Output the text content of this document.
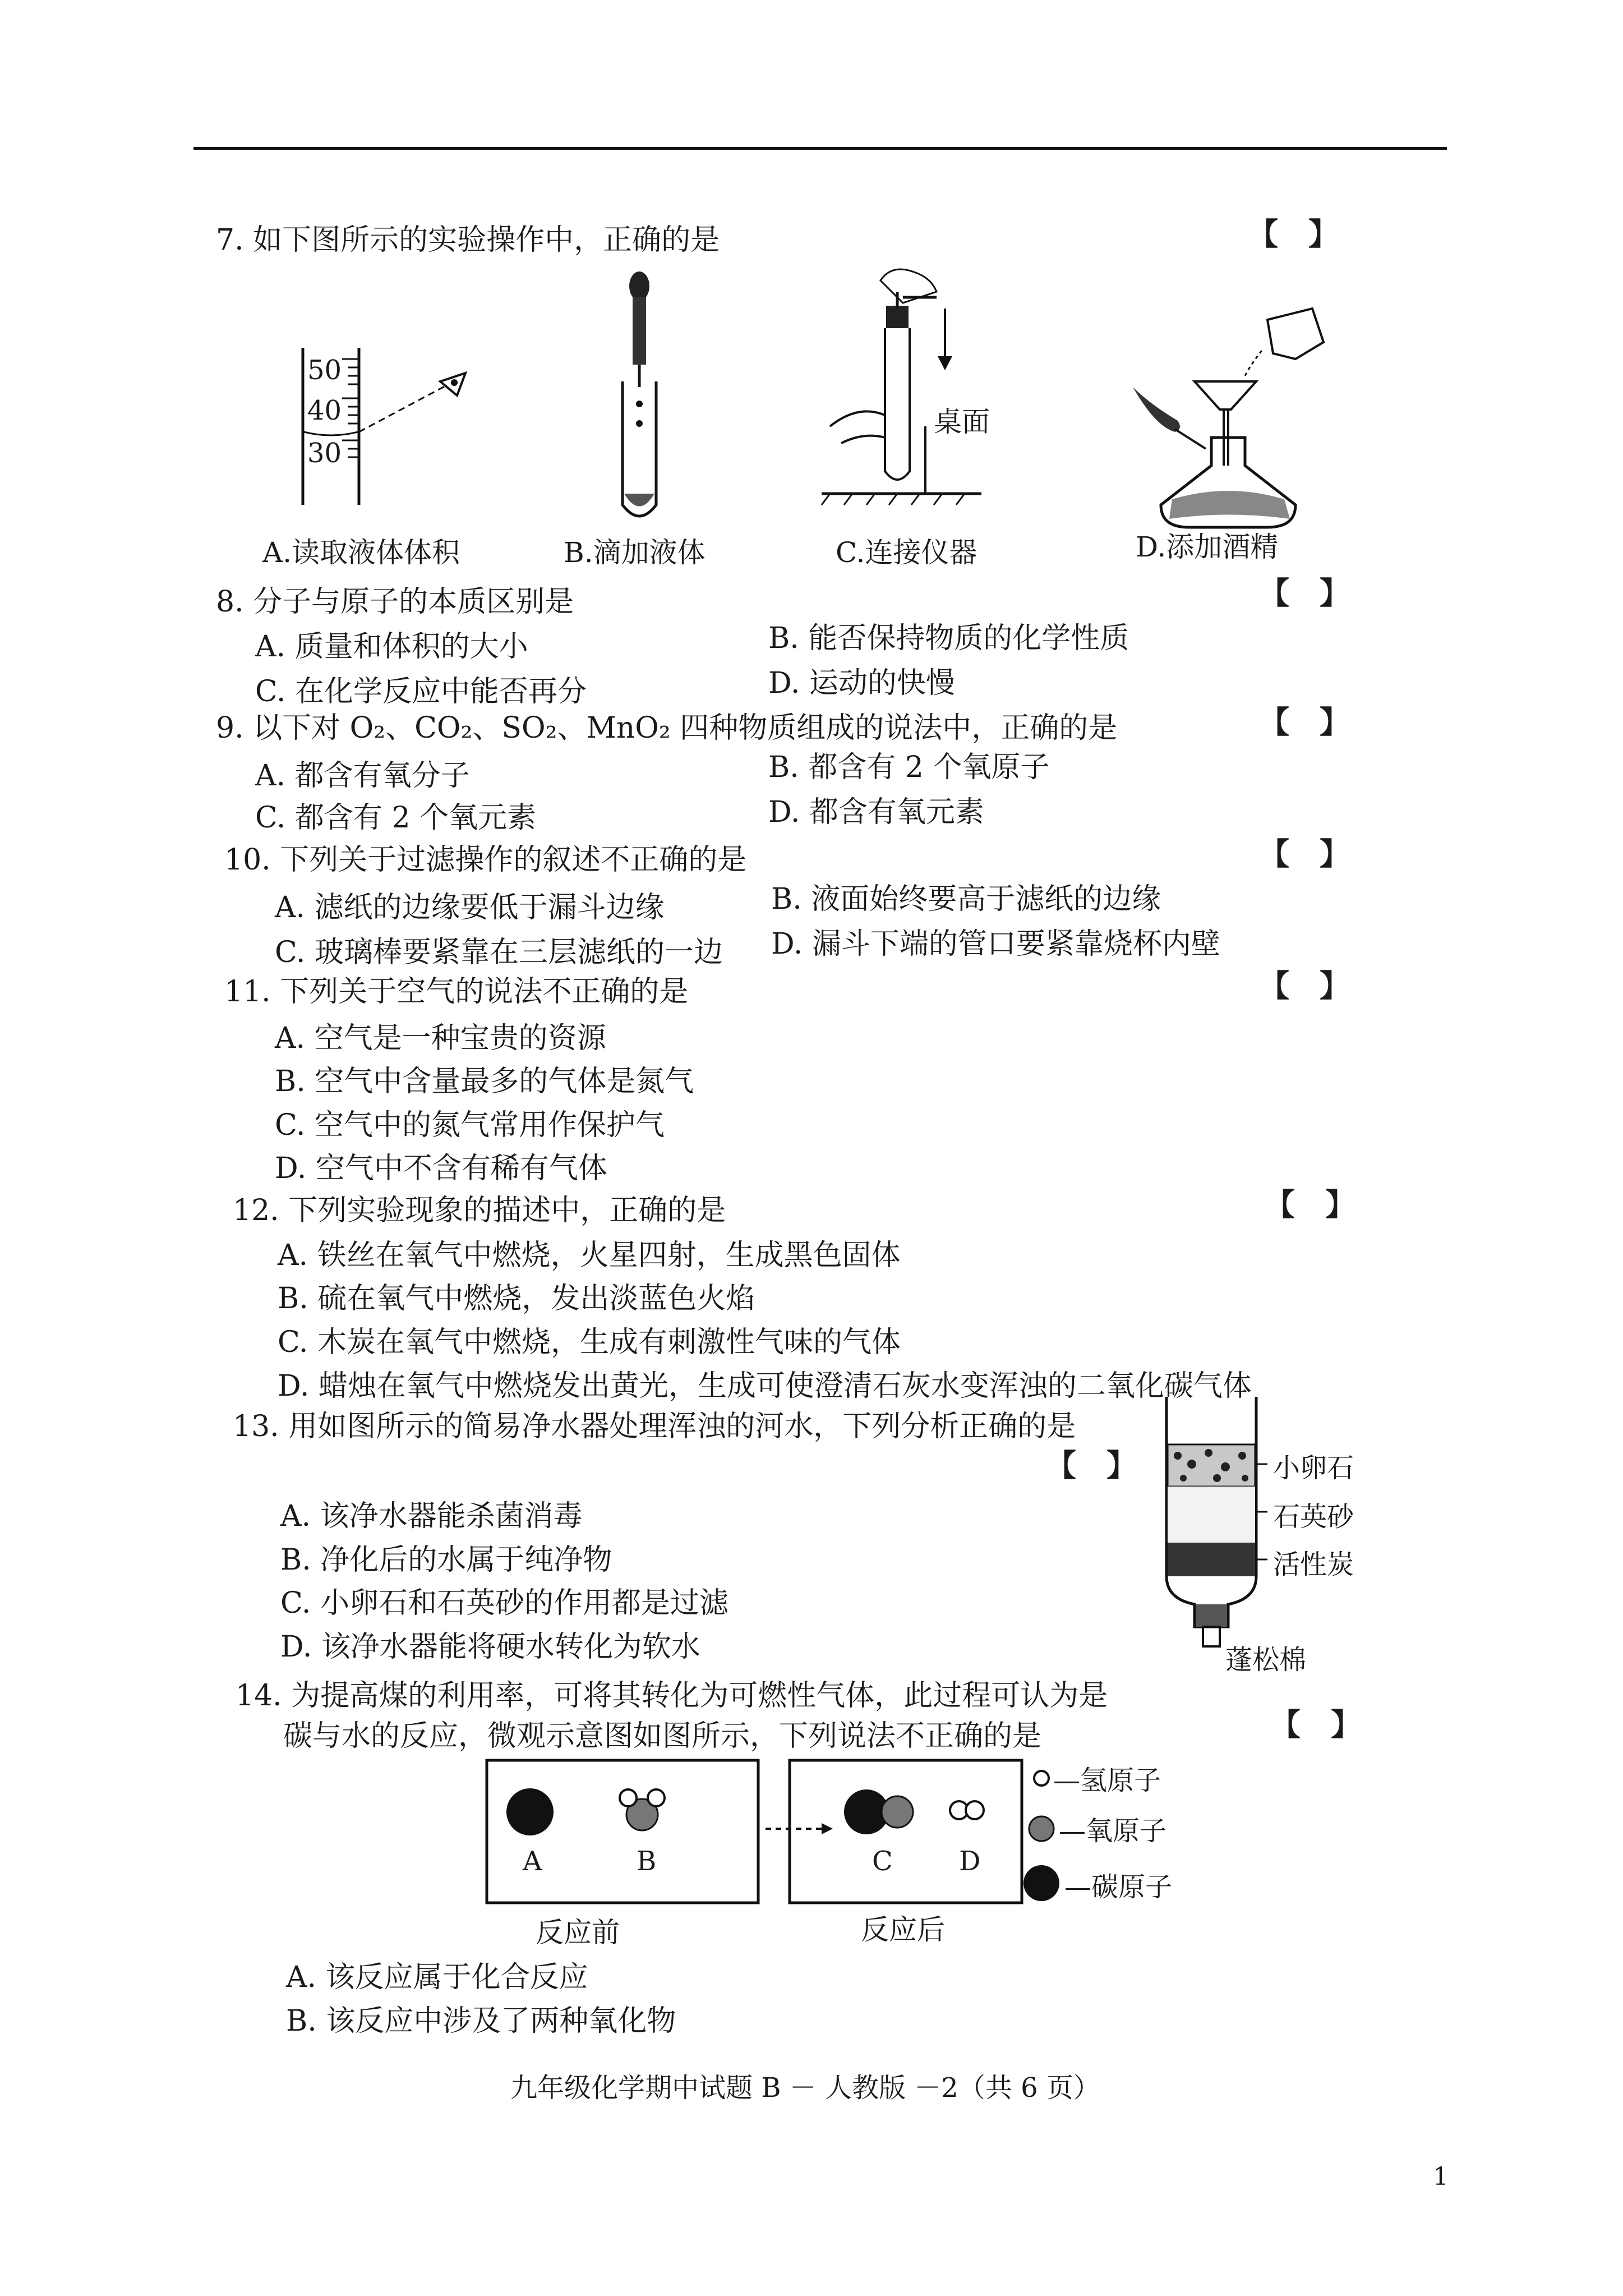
7. 如下图所示的实验操作中，正确的是	【　】
50
40
30
桌面
A.读取液体体积	B.滴加液体	C.连接仪器	D.添加酒精
8. 分子与原子的本质区别是	【　】
A. 质量和体积的大小	B. 能否保持物质的化学性质
C. 在化学反应中能否再分	D. 运动的快慢
9. 以下对 O₂、CO₂、SO₂、MnO₂ 四种物质组成的说法中，正确的是	【　】
A. 都含有氧分子	B. 都含有 2 个氧原子
C. 都含有 2 个氧元素	D. 都含有氧元素
10. 下列关于过滤操作的叙述不正确的是	【　】
A. 滤纸的边缘要低于漏斗边缘	B. 液面始终要高于滤纸的边缘
C. 玻璃棒要紧靠在三层滤纸的一边 D. 漏斗下端的管口要紧靠烧杯内壁
11. 下列关于空气的说法不正确的是	【　】
A. 空气是一种宝贵的资源
B. 空气中含量最多的气体是氮气
C. 空气中的氮气常用作保护气
D. 空气中不含有稀有气体
12. 下列实验现象的描述中，正确的是	【　】
A. 铁丝在氧气中燃烧，火星四射，生成黑色固体
B. 硫在氧气中燃烧，发出淡蓝色火焰
C. 木炭在氧气中燃烧，生成有刺激性气味的气体
D. 蜡烛在氧气中燃烧发出黄光，生成可使澄清石灰水变浑浊的二氧化碳气体
13. 用如图所示的简易净水器处理浑浊的河水，下列分析正确的是
【　】
A. 该净水器能杀菌消毒
B. 净化后的水属于纯净物
C. 小卵石和石英砂的作用都是过滤
D. 该净水器能将硬水转化为软水
小卵石
石英砂
活性炭
蓬松棉
14. 为提高煤的利用率，可将其转化为可燃性气体，此过程可认为是
碳与水的反应，微观示意图如图所示，下列说法不正确的是	【　】
A	B	C D
反应前	反应后
—氢原子
—氧原子
—碳原子
A. 该反应属于化合反应
B. 该反应中涉及了两种氧化物
九年级化学期中试题 B － 人教版 －2（共 6 页）
1
